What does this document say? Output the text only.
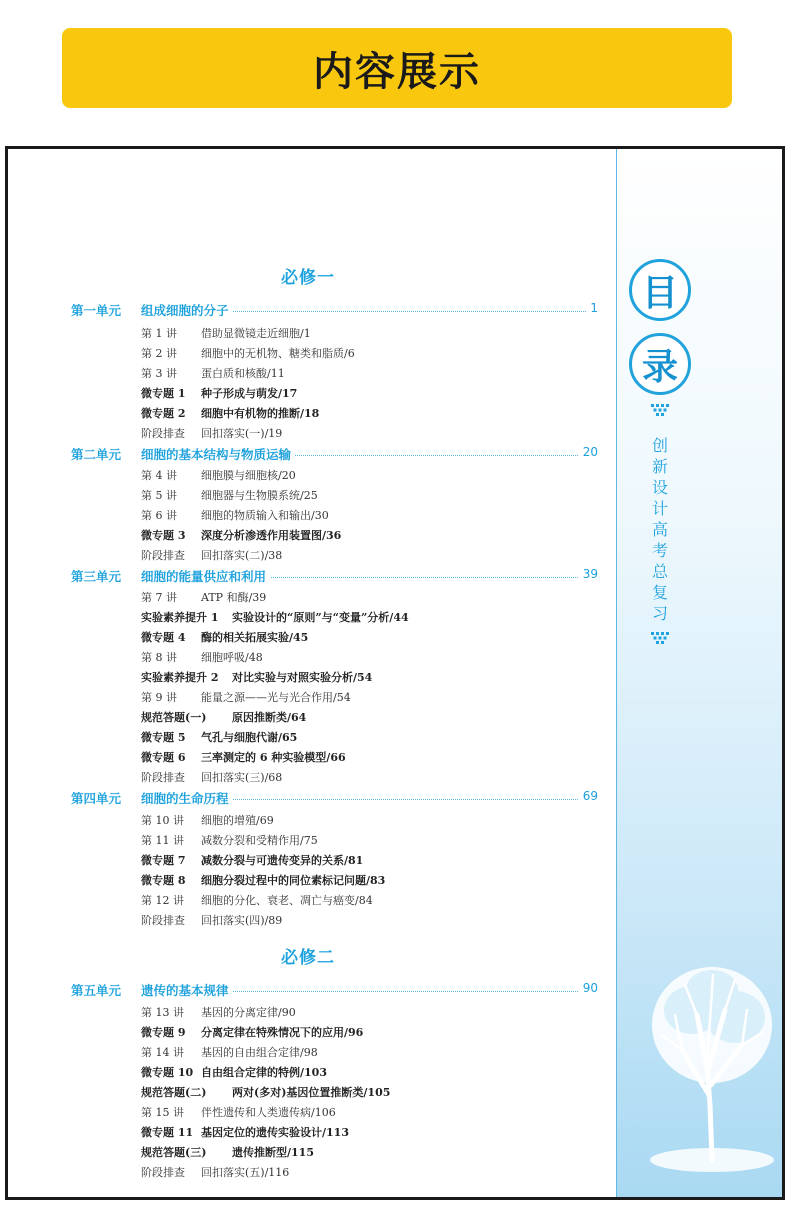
内容展示
必修一
第一单元 组成细胞的分子	1
第 1 讲 借助显微镜走近细胞/1
第 2 讲 细胞中的无机物、糖类和脂质/6
第 3 讲 蛋白质和核酸/11
微专题 1 种子形成与萌发/17
微专题 2 细胞中有机物的推断/18
阶段排查 回扣落实(一)/19
第二单元 细胞的基本结构与物质运输	20
第 4 讲 细胞膜与细胞核/20
第 5 讲 细胞器与生物膜系统/25
第 6 讲 细胞的物质输入和输出/30
微专题 3 深度分析渗透作用装置图/36
阶段排查 回扣落实(二)/38
第三单元 细胞的能量供应和利用	39
第 7 讲 ATP 和酶/39
实验素养提升 1 实验设计的“原则”与“变量”分析/44
微专题 4 酶的相关拓展实验/45
第 8 讲 细胞呼吸/48
实验素养提升 2 对比实验与对照实验分析/54
第 9 讲 能量之源——光与光合作用/54
规范答题(一) 原因推断类/64
微专题 5 气孔与细胞代谢/65
微专题 6 三率测定的 6 种实验模型/66
阶段排查 回扣落实(三)/68
第四单元 细胞的生命历程	69
第 10 讲 细胞的增殖/69
第 11 讲 减数分裂和受精作用/75
微专题 7 减数分裂与可遗传变异的关系/81
微专题 8 细胞分裂过程中的同位素标记问题/83
第 12 讲 细胞的分化、衰老、凋亡与癌变/84
阶段排查 回扣落实(四)/89
必修二
第五单元 遗传的基本规律	90
第 13 讲 基因的分离定律/90
微专题 9 分离定律在特殊情况下的应用/96
第 14 讲 基因的自由组合定律/98
微专题 10 自由组合定律的特例/103
规范答题(二) 两对(多对)基因位置推断类/105
第 15 讲 伴性遗传和人类遗传病/106
微专题 11 基因定位的遗传实验设计/113
规范答题(三) 遗传推断型/115
阶段排查 回扣落实(五)/116
目
录
创新设计高考总复习
